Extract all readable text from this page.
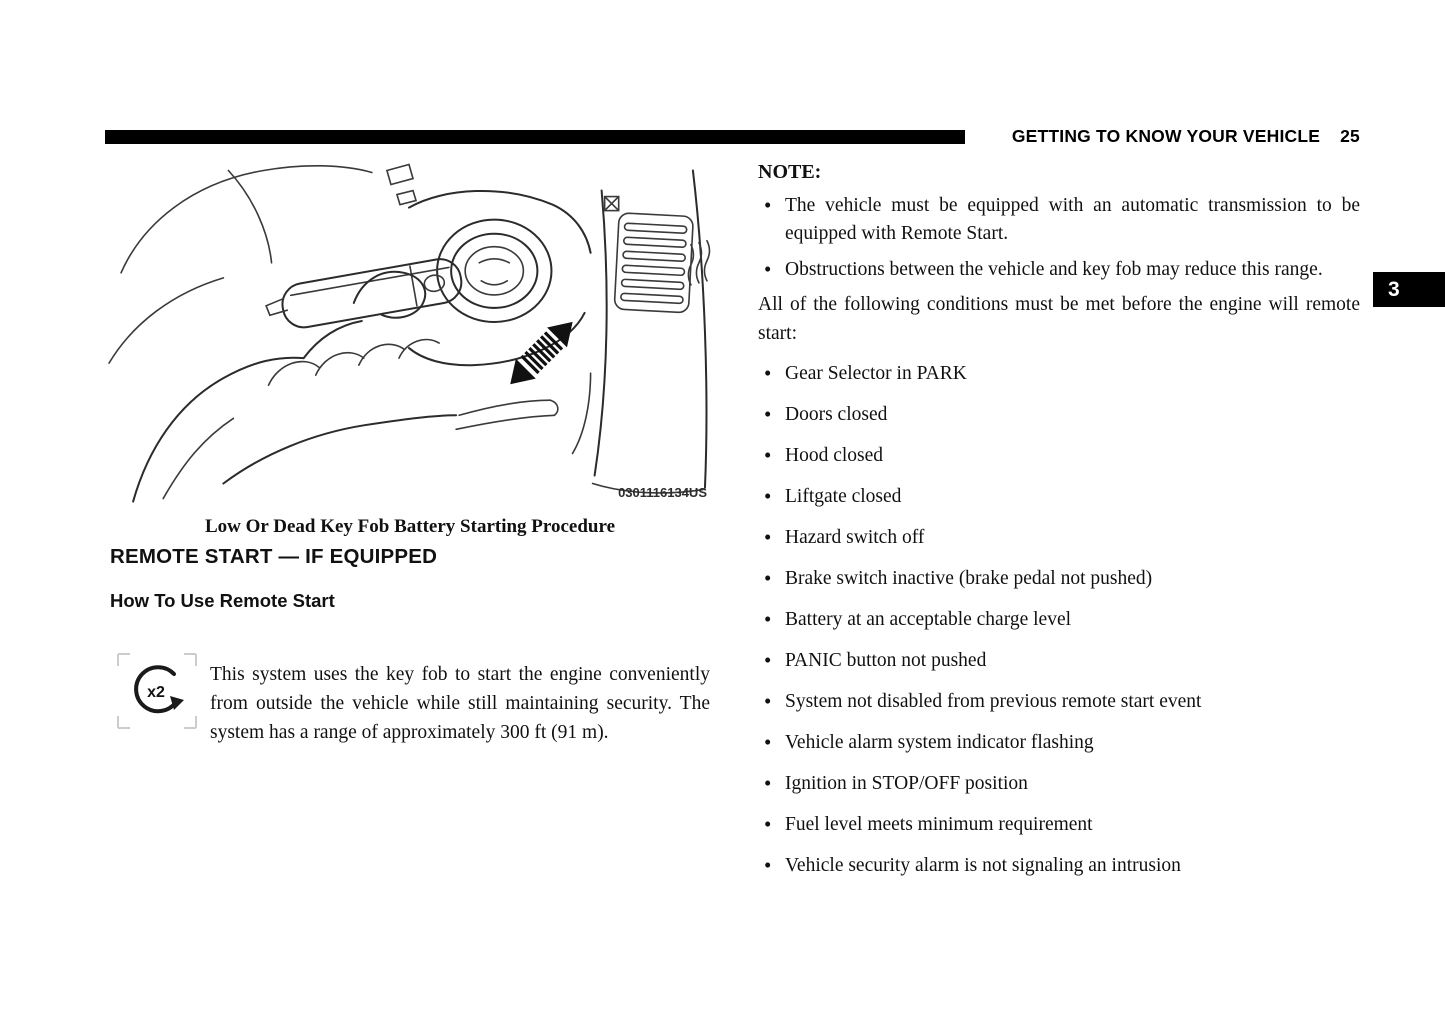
GETTING TO KNOW YOUR VEHICLE 25
3
0301116134US
Low Or Dead Key Fob Battery Starting Procedure
REMOTE START — IF EQUIPPED
How To Use Remote Start
x2
This system uses the key fob to start the engine conveniently from outside the vehicle while still maintaining security. The system has a range of approximately 300 ft (91 m).

NOTE:

• The vehicle must be equipped with an automatic transmission to be equipped with Remote Start.
• Obstructions between the vehicle and key fob may reduce this range.

All of the following conditions must be met before the engine will remote start:

• Gear Selector in PARK
• Doors closed
• Hood closed
• Liftgate closed
• Hazard switch off
• Brake switch inactive (brake pedal not pushed)
• Battery at an acceptable charge level
• PANIC button not pushed
• System not disabled from previous remote start event
• Vehicle alarm system indicator flashing
• Ignition in STOP/OFF position
• Fuel level meets minimum requirement
• Vehicle security alarm is not signaling an intrusion
